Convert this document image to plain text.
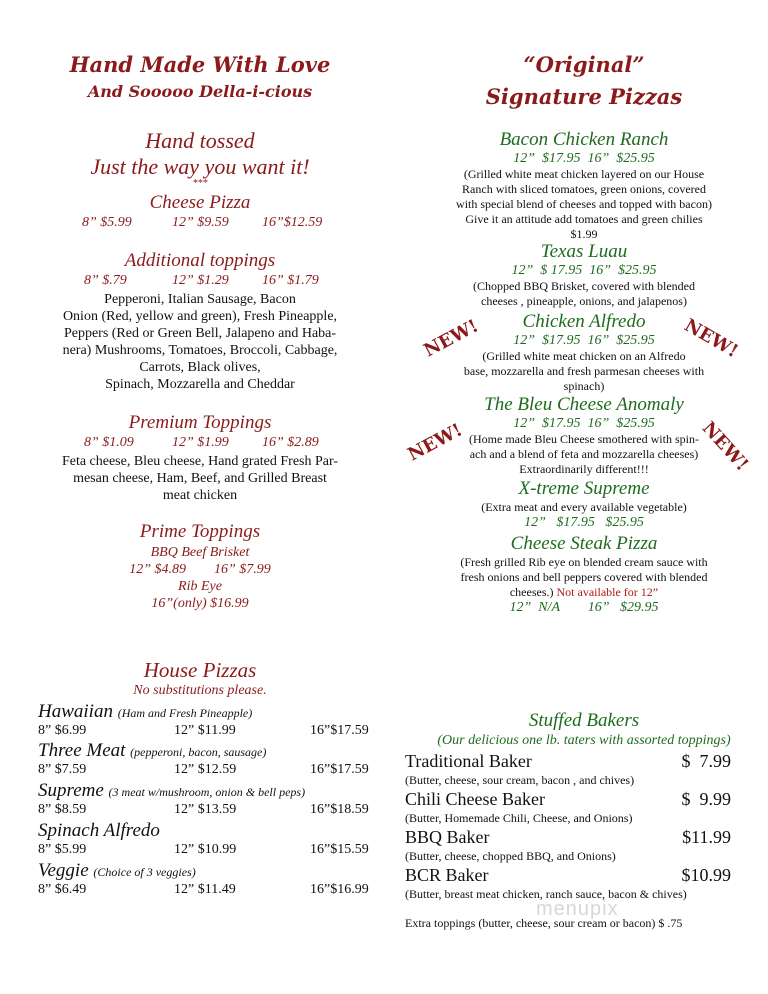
Hand Made With Love
And Sooooo Della-i-cious
Hand tossed
Just the way you want it!
***
Cheese Pizza
8” $5.99	12” $9.59 16”$12.59
Additional toppings
8” $.79	12” $1.29 16” $1.79
Pepperoni, Italian Sausage, Bacon
Onion (Red, yellow and green), Fresh Pineapple,
Peppers (Red or Green Bell, Jalapeno and Haba-
nera) Mushrooms, Tomatoes, Broccoli, Cabbage,
Carrots, Black olives,
Spinach, Mozzarella and Cheddar
Premium Toppings
8” $1.09	12” $1.99 16” $2.89
Feta cheese, Bleu cheese, Hand grated Fresh Par-
mesan cheese, Ham, Beef, and Grilled Breast
meat chicken
Prime Toppings
BBQ Beef Brisket
12” $4.89        16” $7.99
Rib Eye
16”(only) $16.99
House Pizzas
No substitutions please.
Hawaiian (Ham and Fresh Pineapple)
8” $6.99	12” $11.99	16”$17.59
Three Meat (pepperoni, bacon, sausage)
8” $7.59	12” $12.59	16”$17.59
Supreme (3 meat w/mushroom, onion & bell peps)
8” $8.59	12” $13.59	16”$18.59
Spinach Alfredo
8” $5.99	12” $10.99	16”$15.59
Veggie (Choice of 3 veggies)
8” $6.49	12” $11.49	16”$16.99
“Original”
Signature Pizzas
Bacon Chicken Ranch
12”  $17.95  16”  $25.95
(Grilled white meat chicken layered on our House
Ranch with sliced tomatoes, green onions, covered
with special blend of cheeses and topped with bacon)
Give it an attitude add tomatoes and green chilies
$1.99
Texas Luau
12”  $ 17.95  16”  $25.95
(Chopped BBQ Brisket, covered with blended
cheeses , pineapple, onions, and jalapenos)
Chicken Alfredo
12”  $17.95  16”  $25.95
(Grilled white meat chicken on an Alfredo
base, mozzarella and fresh parmesan cheeses with
spinach)
The Bleu Cheese Anomaly
12”  $17.95  16”  $25.95
(Home made Bleu Cheese smothered with spin-
ach and a blend of feta and mozzarella cheeses)
Extraordinarily different!!!
X-treme Supreme
(Extra meat and every available vegetable)
12”   $17.95   $25.95
Cheese Steak Pizza
(Fresh grilled Rib eye on blended cream sauce with
fresh onions and bell peppers covered with blended
cheeses.) Not available for 12”
12”  N/A        16”   $29.95
NEW!	NEW!
NEW!	NEW!
Stuffed Bakers
(Our delicious one lb. taters with assorted toppings)
Traditional Baker	$  7.99
(Butter, cheese, sour cream, bacon , and chives)
Chili Cheese Baker	$  9.99
(Butter, Homemade Chili, Cheese, and Onions)
BBQ Baker	$11.99
(Butter, cheese, chopped BBQ, and Onions)
BCR Baker	$10.99
(Butter, breast meat chicken, ranch sauce, bacon & chives)
Extra toppings (butter, cheese, sour cream or bacon) $ .75
menupix
